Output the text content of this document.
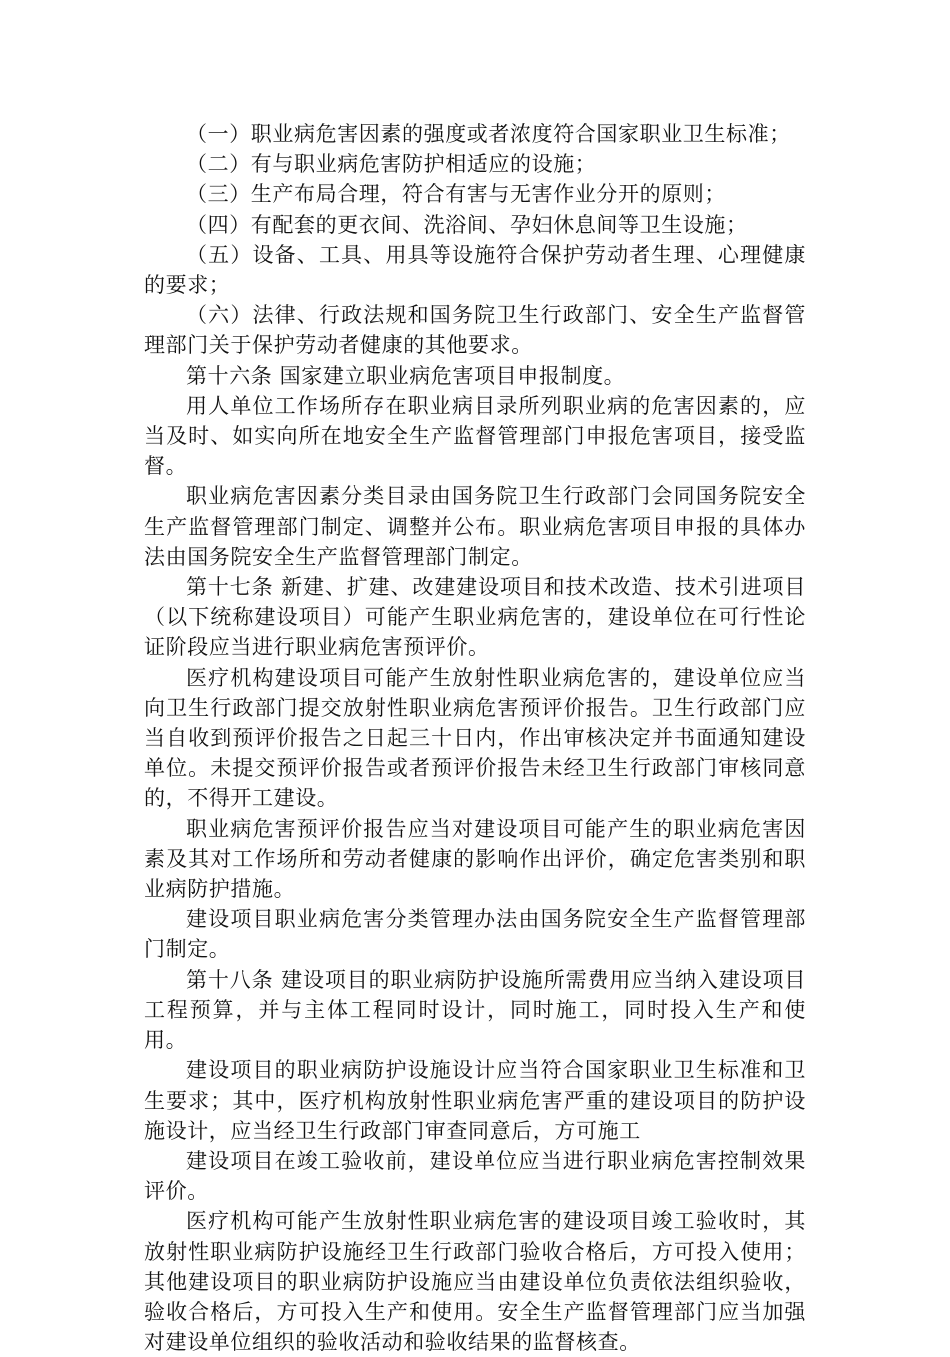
（一）职业病危害因素的强度或者浓度符合国家职业卫生标准；

（二）有与职业病危害防护相适应的设施；

（三）生产布局合理，符合有害与无害作业分开的原则；

（四）有配套的更衣间、洗浴间、孕妇休息间等卫生设施；

（五）设备、工具、用具等设施符合保护劳动者生理、心理健康的要求；

（六）法律、行政法规和国务院卫生行政部门、安全生产监督管理部门关于保护劳动者健康的其他要求。

第十六条 国家建立职业病危害项目申报制度。

用人单位工作场所存在职业病目录所列职业病的危害因素的，应当及时、如实向所在地安全生产监督管理部门申报危害项目，接受监督。

职业病危害因素分类目录由国务院卫生行政部门会同国务院安全生产监督管理部门制定、调整并公布。职业病危害项目申报的具体办法由国务院安全生产监督管理部门制定。

第十七条 新建、扩建、改建建设项目和技术改造、技术引进项目（以下统称建设项目）可能产生职业病危害的，建设单位在可行性论证阶段应当进行职业病危害预评价。

医疗机构建设项目可能产生放射性职业病危害的，建设单位应当向卫生行政部门提交放射性职业病危害预评价报告。卫生行政部门应当自收到预评价报告之日起三十日内，作出审核决定并书面通知建设单位。未提交预评价报告或者预评价报告未经卫生行政部门审核同意的，不得开工建设。

职业病危害预评价报告应当对建设项目可能产生的职业病危害因素及其对工作场所和劳动者健康的影响作出评价，确定危害类别和职业病防护措施。

建设项目职业病危害分类管理办法由国务院安全生产监督管理部门制定。

第十八条 建设项目的职业病防护设施所需费用应当纳入建设项目工程预算，并与主体工程同时设计，同时施工，同时投入生产和使用。

建设项目的职业病防护设施设计应当符合国家职业卫生标准和卫生要求；其中，医疗机构放射性职业病危害严重的建设项目的防护设施设计，应当经卫生行政部门审查同意后，方可施工

建设项目在竣工验收前，建设单位应当进行职业病危害控制效果评价。

医疗机构可能产生放射性职业病危害的建设项目竣工验收时，其放射性职业病防护设施经卫生行政部门验收合格后，方可投入使用；其他建设项目的职业病防护设施应当由建设单位负责依法组织验收，验收合格后，方可投入生产和使用。安全生产监督管理部门应当加强对建设单位组织的验收活动和验收结果的监督核查。
